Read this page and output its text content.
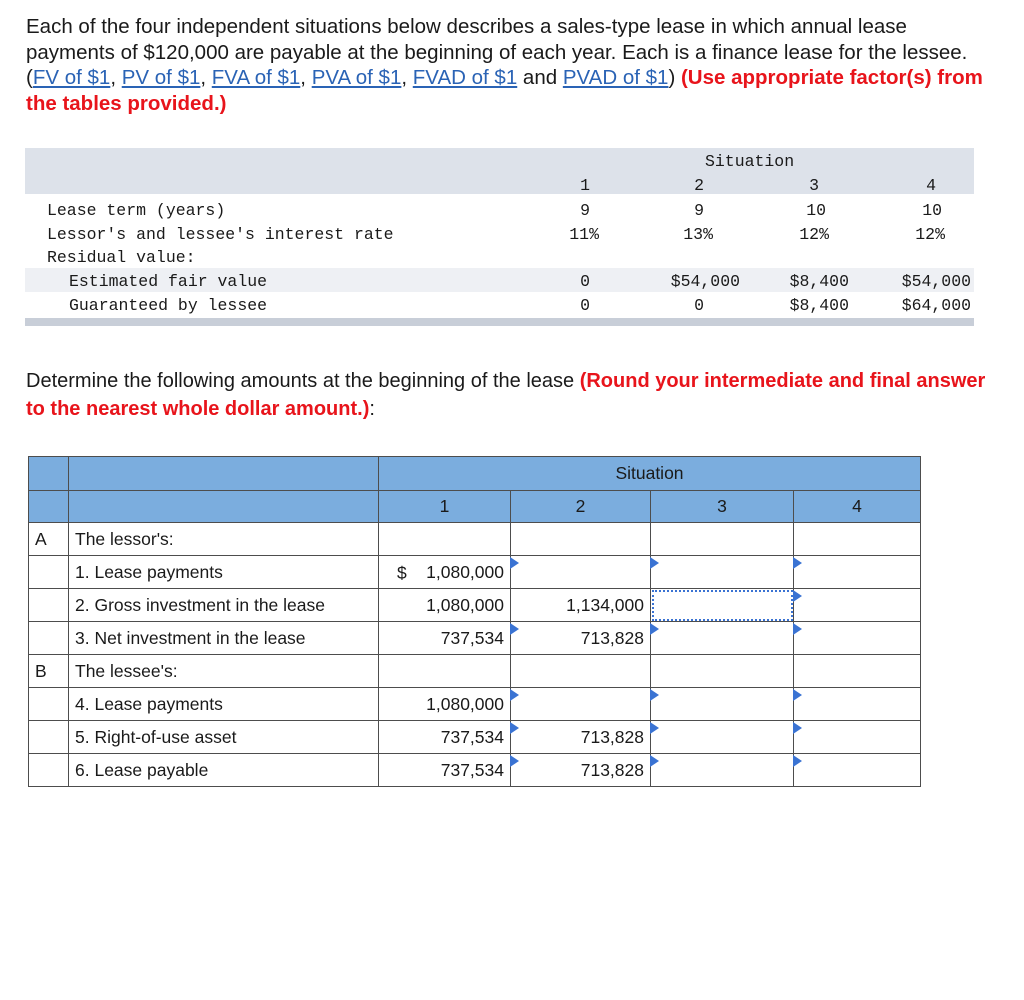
Each of the four independent situations below describes a sales-type lease in which annual lease payments of $120,000 are payable at the beginning of each year. Each is a finance lease for the lessee. (FV of $1, PV of $1, FVA of $1, PVA of $1, FVAD of $1 and PVAD of $1) (Use appropriate factor(s) from the tables provided.)
Situation
1	2	3	4
Lease term (years)	9	9	10	10
Lessor's and lessee's interest rate	11%	13%	12%	12%
Residual value:
Estimated fair value	0	$54,000	$8,400	$54,000
Guaranteed by lessee	0	0	$8,400	$64,000
Determine the following amounts at the beginning of the lease (Round your intermediate and final answer to the nearest whole dollar amount.):
		Situation			
		1	2	3	4
A	The lessor's:				
	1. Lease payments	$ 1,080,000

	2. Gross investment in the lease	1,080,000	1,134,000	

	3. Net investment in the lease	737,534	713,828

B	The lessee's:				
	4. Lease payments	1,080,000

	5. Right-of-use asset	737,534	713,828

	6. Lease payable	737,534	713,828
